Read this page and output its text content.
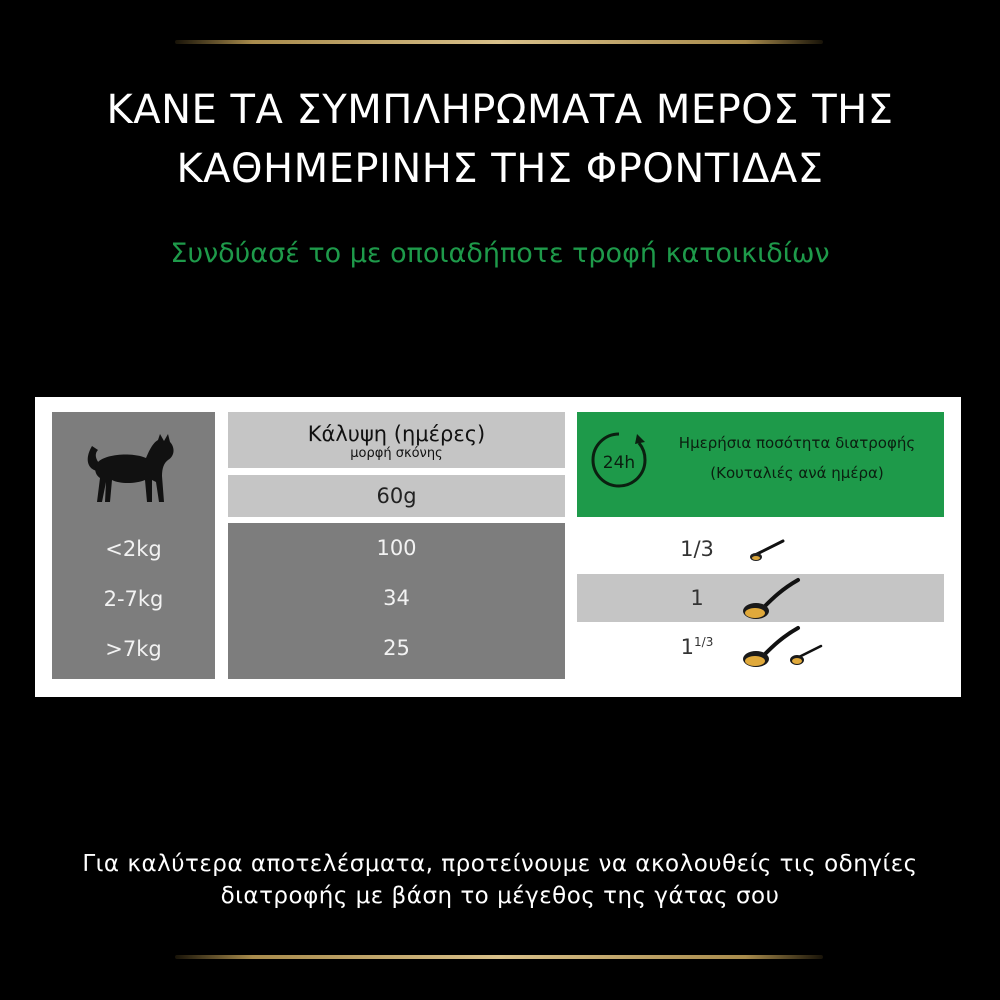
ΚΑΝΕ ΤΑ ΣΥΜΠΛΗΡΩΜΑΤΑ ΜΕΡΟΣ ΤΗΣ
ΚΑΘΗΜΕΡΙΝΗΣ ΤΗΣ ΦΡΟΝΤΙΔΑΣ
Συνδύασέ το με οποιαδήποτε τροφή κατοικιδίων
<2kg
2-7kg
>7kg
Κάλυψη (ημέρες)
μορφή σκόνης
60g
100
34
25
24h
Ημερήσια ποσότητα διατροφής
(Κουταλιές ανά ημέρα)
1/3
1
$1^{1/3}$
Για καλύτερα αποτελέσματα, προτείνουμε να ακολουθείς τις οδηγίες
διατροφής με βάση το μέγεθος της γάτας σου
